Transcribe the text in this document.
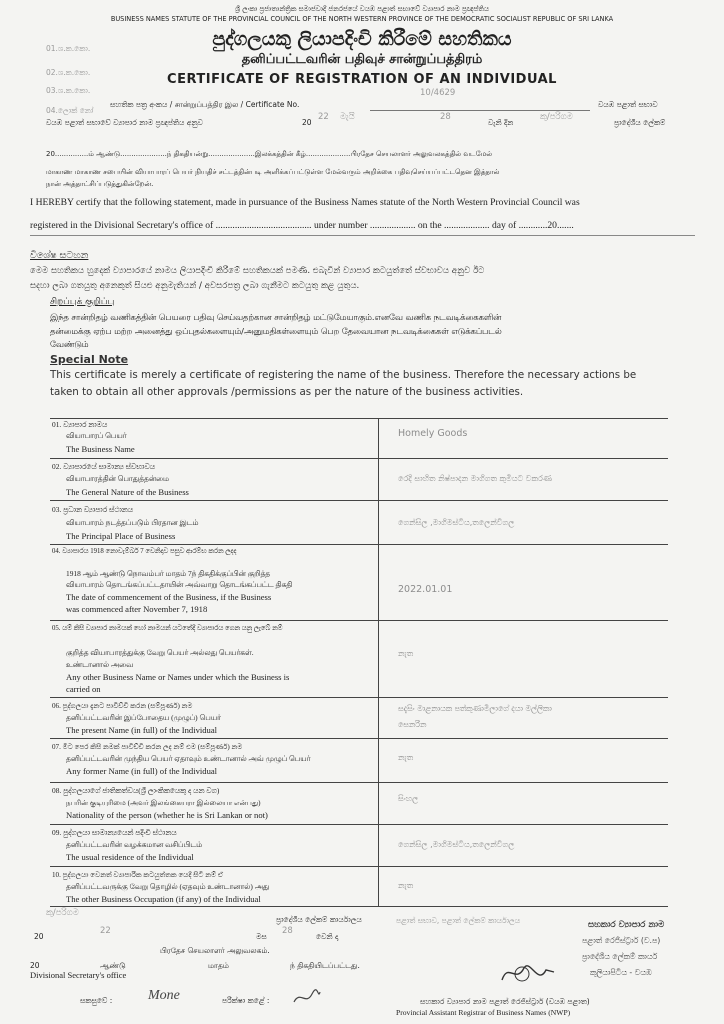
ශ්‍රී ලංකා ප්‍රජාතාන්ත්‍රික සමාජවාදී ජනරජයේ වයඹ පළාත් සභාවේ ව්‍යාපාර නාම ප්‍රඥප්තිය
BUSINESS NAMES STATUTE OF THE PROVINCIAL COUNCIL OF THE NORTH WESTERN PROVINCE OF THE DEMOCRATIC SOCIALIST REPUBLIC OF SRI LANKA
01.ශ.ක.කො.
02.ශ.ක.කො.
03.ශ.ක.කො.
04.ලොක් නෝ
පුද්ගලයකු ලියාපදිංචි කිරීමේ සහතිකය
தனிப்பட்டவரின் பதிவுச் சான்றுப்பத்திரம்
CERTIFICATE OF REGISTRATION OF AN INDIVIDUAL
සහතික පත්‍ර අංකය / சான்றுப்பத்திர இல / Certificate No.
10/4629
වයඹ පළාත් සභාව
වයඹ පළාත් සභාවේ ව්‍යාපාර නාම ප්‍රඥප්තිය අනුව	20
22 මැයි	28
වැනි දින
කු/පරිගම
ප්‍රාදේශීය ලේකම්
20...............ம் ஆண்டு.....................ந் திகதியன்று.....................இலக்கத்தின் கீழ்....................பிரதேச செயலாளர் அலுவலகத்தில் வடமேல்
மாகாண மாகாண சபையின் வியாபாரப் பெயர் நியதிச் சட்டத்தின்படி அளிக்கப்பட்டுள்ள மேல்வரும் அறிக்கை பதிவுசெய்யப்பட்டதென இத்தால்
நான் அத்தாட்சிப்படுத்துகின்றேன்.
I HEREBY certify that the following statement, made in pursuance of the Business Names statute of the North Western Provincial Council was
registered in the Divisional Secretary's office of ........................................ under number ................... on the ................... day of ............20.......
විශේෂ සටහන
මෙම සහතිකය හුදෙක් ව්‍යාපාරයේ නාමය ලියාපදිංචි කිරීමේ සහතිකයක් පමණි. එබැවින් ව්‍යාපාර කටයුත්තේ ස්වභාවය අනුව ඊට
සදහා ලබා ගතයුතු අනෙකුත් සියළු අනුමැතියන් / අවසරපත්‍ර ලබා ගැනීමට කටයුතු කළ යුතුය.
சிறப்புக் குறிப்பு
இந்த சான்றிதழ் வணிகத்தின் பெயரை பதிவு செய்வதற்கான சான்றிதழ் மட்டுமேயாகும்.எனவே வணிக நடவடிக்கைகளின்
தன்மைக்கு ஏற்ப மற்ற அனைத்து ஒப்புதல்களையும்/அனுமதிகள்ளையும் பெற தேவையான நடவடிக்கைகள் எடுக்கப்படல்
வேண்டும்
Special Note
This certificate is merely a certificate of registering the name of the business. Therefore the necessary actions be
taken to obtain all other approvals /permissions as per the nature of the business activities.
01. ව්‍යාපාර නාමය
வியாபாரப் பெயர்
The Business Name
Homely Goods
02. ව්‍යාපාරයේ සාමාන්‍ය ස්වභාවය
வியாபாரத்தின் பொதுத்தன்மை
The General Nature of the Business
රෙදි සාහිත නිෂ්පාදන මාගිගත කුමියට වකරණ
03. ප්‍රධාන ව්‍යාපාර ස්ථානය
வியாபாரம் நடத்தப்படும் பிரதான இடம்
The Principal Place of Business
ගෙන්සිල ,මාගිමස්ටිය,තලෙන්වීගල
04. ව්‍යාපාරය 1918 නොවැම්බර් 7 වෙනිදාව පසුව ආරම්භ කරන ලදද
1918 ஆம் ஆண்டு நொவம்பர் மாதம் 7ந் திகதிக்குப்பின் குறித்த
வியாபாரம் தொடங்கப்பட்டதாயின் அவ்வாறு தொடங்கப்பட்ட திகதி
The date of commencement of the Business, if the Business
was commenced after November 7, 1918
2022.01.01
05. යම් කිසි ව්‍යාපාර නාමයක් හෝ නාමයන් යටතේදී ව්‍යාපාරය ගෙන යනු ලැබේ නම්
குறித்த வியாபாரத்துக்கு வேறு பெயர் அல்லது பெயர்கள்.
உண்டானால் அவை
Any other Business Name or Names under which the Business is
carried on
නැත
06. පුද්ගලයා දැනට පාවිච්චි කරන (සම්පූර්ණ) නම
தனிப்பட்டவரின் இப்போதைய (முழுப்) பெயர்
The present Name (in full) of the Individual
සදැසිං මාළනායක පත්කුණාමිලාගේ දයා මල්ලිකා
සෙනරින
07. මීට පෙර කිසි නමක් පාවිච්චි කරන ලද නම් එම (සම්පූර්ණ) නම
தனிப்பட்டவரின் முந்திய பெயர் ஏதாவும் உண்டானால் அவ் முழுப் பெயர்
Any former Name (in full) of the Individual
නැත
08. පුද්ගලයාගේ ජාතිකත්වය(ශ්‍රී ලාංකිකයෙකු ද යන වග)
நபரின் குடியுரிமை (அவர் இலங்கையரா இல்லையா என்பது)
Nationality of the person (whether he is Sri Lankan or not)
සිංහල
09. පුද්ගලයා සාමාන්‍යයෙන් පදිංචි ස්ථානය
தனிப்பட்டவரின் வழக்கமான வசிப்பிடம்
The usual residence of the Individual
ගෙන්සිල ,මාගිමස්ටිය,තලෙන්වීගල
10. පුද්ගලයා වෙනත් ව්‍යාපාරික කටයුත්තක යෙදී සිටී නම් ඒ
தனிப்பட்டவருக்கு வேறு தொழில் (ஏதவும் உண்டானால்) அது
The other Business Occupation (if any) of the Individual
නැත
කු/පරිගම
ප්‍රාදේශීය ලේකම් කාර්යාලය
20
22
මස
28
වෙනි දා
பிரதேச செயலாளர் அலுவலகம்.
20	ஆண்டு	மாதம்	ந் திகதியிடப்பட்டது.
Divisional Secretary's office
සකසුවේ :	Mone	පරීක්ෂා කළේ :	සහකාර ව්‍යාපාර නාම පළාත් රෙජිස්ට්‍රාර් (වයඹ පළාත)
Provincial Assistant Registrar of Business Names (NWP)
සහකාර ව්‍යාපාර නාම
පළාත් රෙජිස්ට්‍රාර් (ව.ප)
ප්‍රාදේශීය ලේකම් කාර්ය
කුලියාපිටිය - වයඹ
පළාත් සභාව, පළාත් ලේකම් කාර්යාලය
